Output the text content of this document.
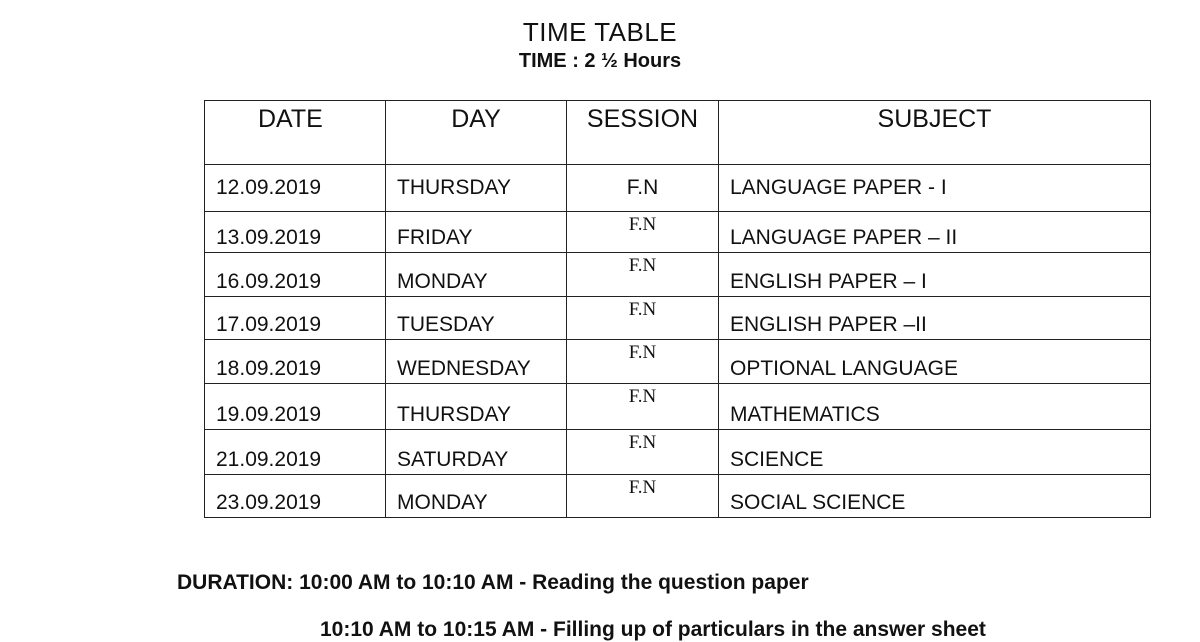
TIME TABLE
TIME : 2 ½ Hours
DATE	DAY	SESSION	SUBJECT
12.09.2019	THURSDAY	F.N	LANGUAGE PAPER - I
13.09.2019	FRIDAY	F.N	LANGUAGE PAPER – II
16.09.2019	MONDAY	F.N	ENGLISH PAPER – I
17.09.2019	TUESDAY	F.N	ENGLISH PAPER –II
18.09.2019	WEDNESDAY	F.N	OPTIONAL LANGUAGE
19.09.2019	THURSDAY	F.N	MATHEMATICS
21.09.2019	SATURDAY	F.N	SCIENCE
23.09.2019	MONDAY	F.N	SOCIAL SCIENCE
DURATION: 10:00 AM to 10:10 AM - Reading the question paper
10:10 AM to 10:15 AM - Filling up of particulars in the answer sheet
